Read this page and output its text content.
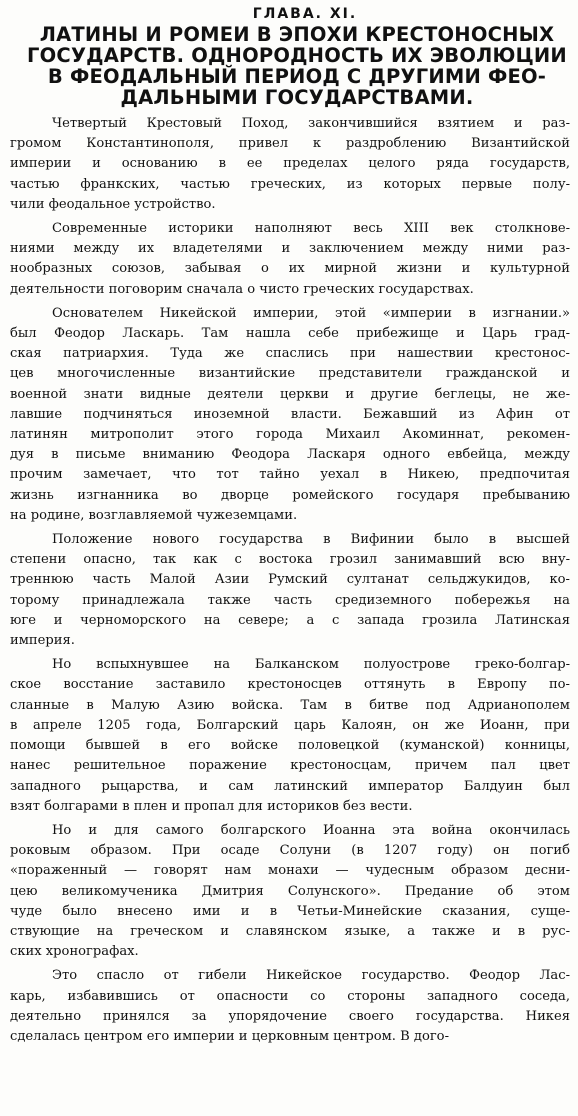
ГЛАВА. XI.
ЛАТИНЫ И РОМЕИ В ЭПОХИ КРЕСТОНОСНЫХ
ГОСУДАРСТВ. ОДНОРОДНОСТЬ ИХ ЭВОЛЮЦИИ
В ФЕОДАЛЬНЫЙ ПЕРИОД С ДРУГИМИ ФЕО-
ДАЛЬНЫМИ ГОСУДАРСТВАМИ.
Четвертый Крестовый Поход, закончившийся взятием и раз-
громом Константинополя, привел к раздроблению Византийской
империи и основанию в ее пределах целого ряда государств,
частью франкских, частью греческих, из которых первые полу-
чили феодальное устройство.
Современные историки наполняют весь XIII век столкнове-
ниями между их владетелями и заключением между ними раз-
нообразных союзов, забывая о их мирной жизни и культурной
деятельности поговорим сначала о чисто греческих государствах.
Основателем Никейской империи, этой «империи в изгнании.»
был Феодор Ласкарь. Там нашла себе прибежище и Царь град-
ская патриархия. Туда же спаслись при нашествии крестонос-
цев многочисленные византийские представители гражданской и
военной знати видные деятели церкви и другие беглецы, не же-
лавшие подчиняться иноземной власти. Бежавший из Афин от
латинян митрополит этого города Михаил Акоминнат, рекомен-
дуя в письме вниманию Феодора Ласкаря одного евбейца, между
прочим замечает, что тот тайно уехал в Никею, предпочитая
жизнь изгнанника во дворце ромейского государя пребыванию
на родине, возглавляемой чужеземцами.
Положение нового государства в Вифинии было в высшей
степени опасно, так как с востока грозил занимавший всю вну-
треннюю часть Малой Азии Румский султанат сельджукидов, ко-
торому принадлежала также часть средиземного побережья на
юге и черноморского на севере; а с запада грозила Латинская
империя.
Но вспыхнувшее на Балканском полуострове греко-болгар-
ское восстание заставило крестоносцев оттянуть в Европу по-
сланные в Малую Азию войска. Там в битве под Адрианополем
в апреле 1205 года, Болгарский царь Калоян, он же Иоанн, при
помощи бывшей в его войске половецкой (куманской) конницы,
нанес решительное поражение крестоносцам, причем пал цвет
западного рыцарства, и сам латинский император Балдуин был
взят болгарами в плен и пропал для историков без вести.
Но и для самого болгарского Иоанна эта война окончилась
роковым образом. При осаде Солуни (в 1207 году) он погиб
«пораженный — говорят нам монахи — чудесным образом десни-
цею великомученика Дмитрия Солунского». Предание об этом
чуде было внесено ими и в Четьи-Минейские сказания, суще-
ствующие на греческом и славянском языке, а также и в рус-
ских хронографах.
Это спасло от гибели Никейское государство. Феодор Лас-
карь, избавившись от опасности со стороны западного соседа,
деятельно принялся за упорядочение своего государства. Никея
сделалась центром его империи и церковным центром. В дого-
